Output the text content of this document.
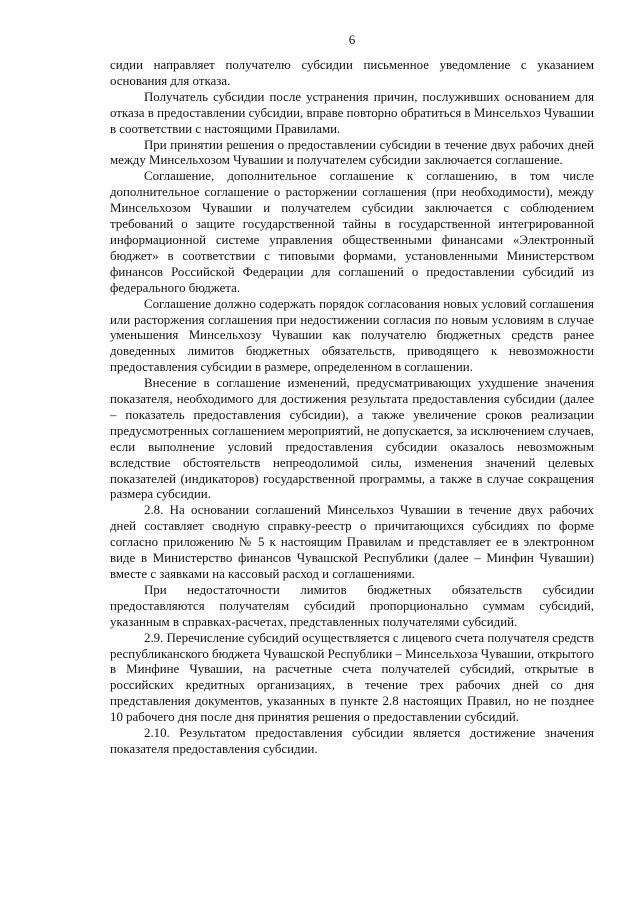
6

сидии направляет получателю субсидии письменное уведомление с указанием основания для отказа.

Получатель субсидии после устранения причин, послуживших основанием для отказа в предоставлении субсидии, вправе повторно обратиться в Минсельхоз Чувашии в соответствии с настоящими Правилами.

При принятии решения о предоставлении субсидии в течение двух рабочих дней между Минсельхозом Чувашии и получателем субсидии заключается соглашение.

Соглашение, дополнительное соглашение к соглашению, в том числе дополнительное соглашение о расторжении соглашения (при необходимости), между Минсельхозом Чувашии и получателем субсидии заключается с соблюдением требований о защите государственной тайны в государственной интегрированной информационной системе управления общественными финансами «Электронный бюджет» в соответствии с типовыми формами, установленными Министерством финансов Российской Федерации для соглашений о предоставлении субсидий из федерального бюджета.

Соглашение должно содержать порядок согласования новых условий соглашения или расторжения соглашения при недостижении согласия по новым условиям в случае уменьшения Минсельхозу Чувашии как получателю бюджетных средств ранее доведенных лимитов бюджетных обязательств, приводящего к невозможности предоставления субсидии в размере, определенном в соглашении.

Внесение в соглашение изменений, предусматривающих ухудшение значения показателя, необходимого для достижения результата предоставления субсидии (далее – показатель предоставления субсидии), а также увеличение сроков реализации предусмотренных соглашением мероприятий, не допускается, за исключением случаев, если выполнение условий предоставления субсидии оказалось невозможным вследствие обстоятельств непреодолимой силы, изменения значений целевых показателей (индикаторов) государственной программы, а также в случае сокращения размера субсидии.

2.8. На основании соглашений Минсельхоз Чувашии в течение двух рабочих дней составляет сводную справку-реестр о причитающихся субсидиях по форме согласно приложению № 5 к настоящим Правилам и представляет ее в электронном виде в Министерство финансов Чувашской Республики (далее – Минфин Чувашии) вместе с заявками на кассовый расход и соглашениями.

При недостаточности лимитов бюджетных обязательств субсидии предоставляются получателям субсидий пропорционально суммам субсидий, указанным в справках-расчетах, представленных получателями субсидий.

2.9. Перечисление субсидий осуществляется с лицевого счета получателя средств республиканского бюджета Чувашской Республики – Минсельхоза Чувашии, открытого в Минфине Чувашии, на расчетные счета получателей субсидий, открытые в российских кредитных организациях, в течение трех рабочих дней со дня представления документов, указанных в пункте 2.8 настоящих Правил, но не позднее 10 рабочего дня после дня принятия решения о предоставлении субсидий.

2.10. Результатом предоставления субсидии является достижение значения показателя предоставления субсидии.
